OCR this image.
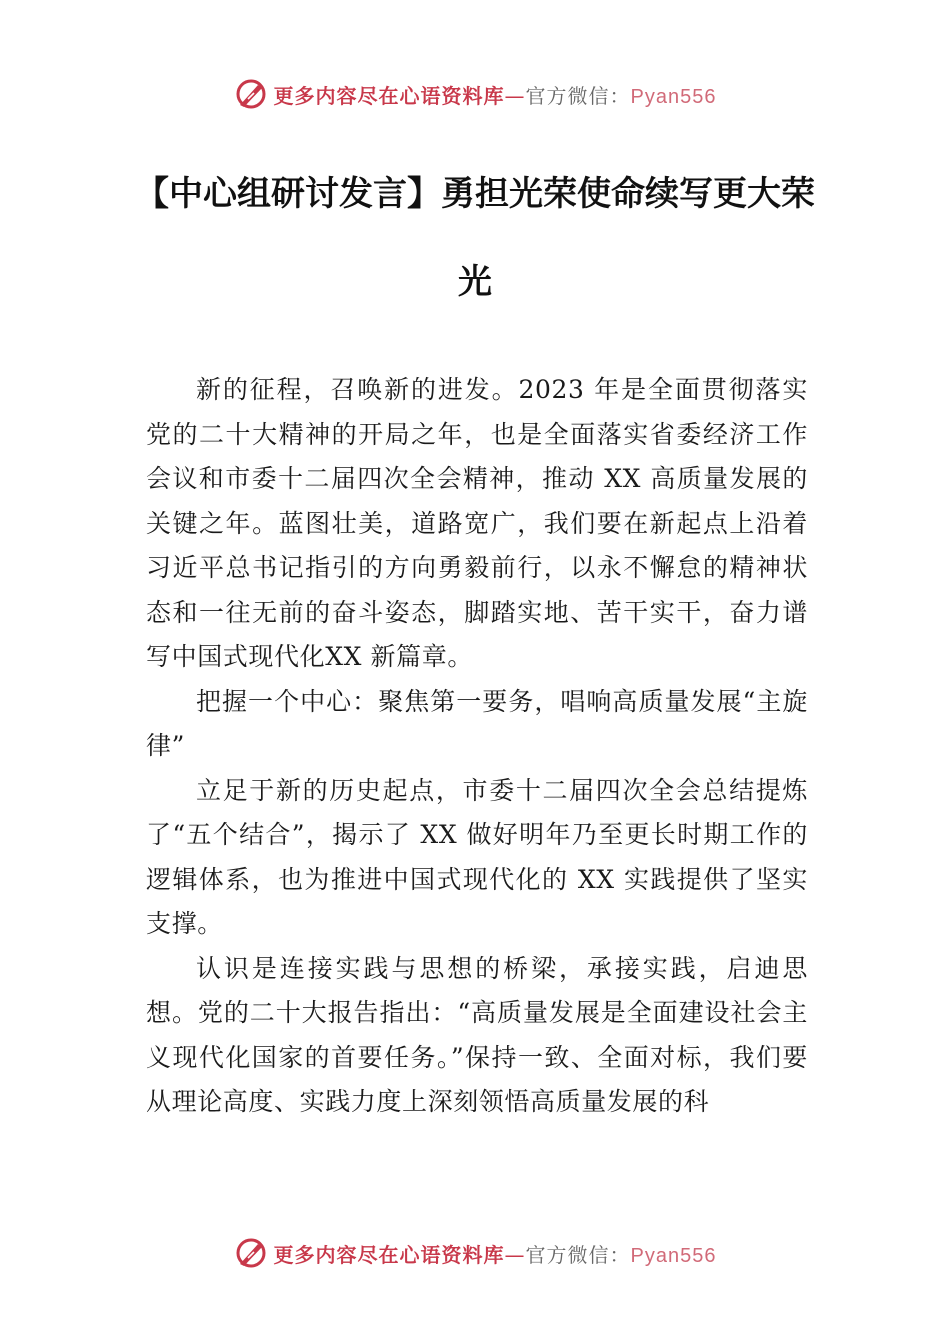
更多内容尽在心语资料库—官方微信：Pyan556
【中心组研讨发言】勇担光荣使命续写更大荣光

新的征程，召唤新的进发。2023 年是全面贯彻落实党的二十大精神的开局之年，也是全面落实省委经济工作会议和市委十二届四次全会精神，推动 XX 高质量发展的关键之年。蓝图壮美，道路宽广，我们要在新起点上沿着习近平总书记指引的方向勇毅前行，以永不懈怠的精神状态和一往无前的奋斗姿态，脚踏实地、苦干实干，奋力谱写中国式现代化XX 新篇章。

把握一个中心：聚焦第一要务，唱响高质量发展“主旋律”

立足于新的历史起点，市委十二届四次全会总结提炼了“五个结合”，揭示了 XX 做好明年乃至更长时期工作的逻辑体系，也为推进中国式现代化的 XX 实践提供了坚实支撑。

认识是连接实践与思想的桥梁，承接实践，启迪思想。党的二十大报告指出：“高质量发展是全面建设社会主义现代化国家的首要任务。”保持一致、全面对标，我们要从理论高度、实践力度上深刻领悟高质量发展的科

更多内容尽在心语资料库—官方微信：Pyan556
